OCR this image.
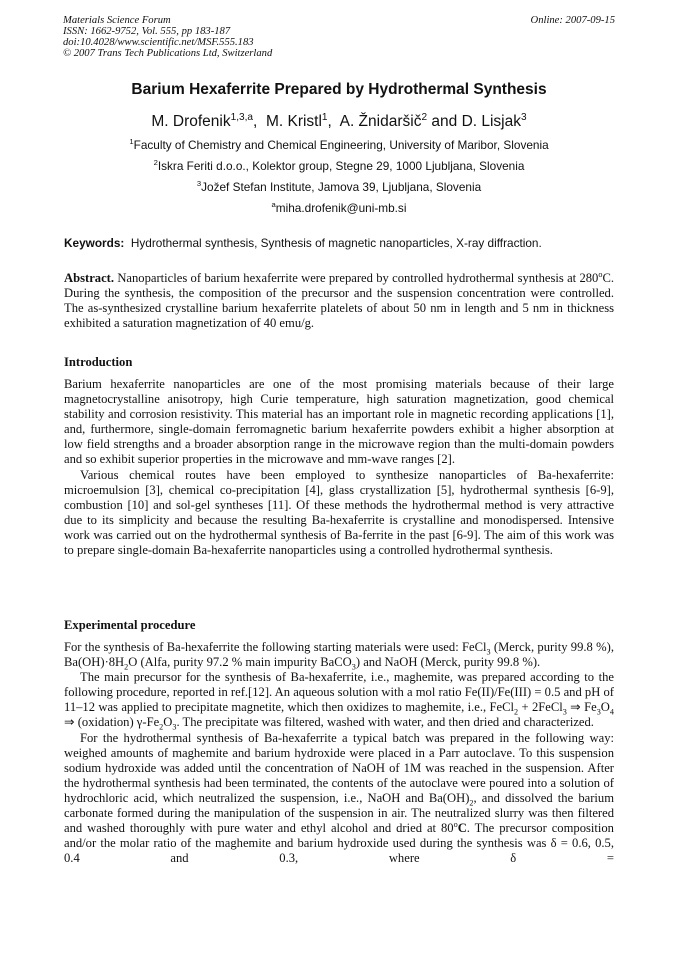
Materials Science Forum
ISSN: 1662-9752, Vol. 555, pp 183-187
doi:10.4028/www.scientific.net/MSF.555.183
© 2007 Trans Tech Publications Ltd, Switzerland
Online: 2007-09-15
Barium Hexaferrite Prepared by Hydrothermal Synthesis
M. Drofenik$^{1,3,a}$, M. Kristl$^1$, A. Žnidaršič$^2$ and D. Lisjak$^3$
$^1$Faculty of Chemistry and Chemical Engineering, University of Maribor, Slovenia
$^2$Iskra Feriti d.o.o., Kolektor group, Stegne 29, 1000 Ljubljana, Slovenia
$^3$Jožef Stefan Institute, Jamova 39, Ljubljana, Slovenia
$^a$miha.drofenik@uni-mb.si
Keywords: Hydrothermal synthesis, Synthesis of magnetic nanoparticles, X-ray diffraction.

Abstract. Nanoparticles of barium hexaferrite were prepared by controlled hydrothermal synthesis at 280$^o$C. During the synthesis, the composition of the precursor and the suspension concentration were controlled. The as-synthesized crystalline barium hexaferrite platelets of about 50 nm in length and 5 nm in thickness exhibited a saturation magnetization of 40 emu/g.

Introduction

Barium hexaferrite nanoparticles are one of the most promising materials because of their large magnetocrystalline anisotropy, high Curie temperature, high saturation magnetization, good chemical stability and corrosion resistivity. This material has an important role in magnetic recording applications [1], and, furthermore, single-domain ferromagnetic barium hexaferrite powders exhibit a higher absorption at low field strengths and a broader absorption range in the microwave region than the multi-domain powders and so exhibit superior properties in the microwave and mm-wave ranges [2].

Various chemical routes have been employed to synthesize nanoparticles of Ba-hexaferrite: microemulsion [3], chemical co-precipitation [4], glass crystallization [5], hydrothermal synthesis [6-9], combustion [10] and sol-gel syntheses [11]. Of these methods the hydrothermal method is very attractive due to its simplicity and because the resulting Ba-hexaferrite is crystalline and monodispersed. Intensive work was carried out on the hydrothermal synthesis of Ba-ferrite in the past [6-9]. The aim of this work was to prepare single-domain Ba-hexaferrite nanoparticles using a controlled hydrothermal synthesis.

Experimental procedure

For the synthesis of Ba-hexaferrite the following starting materials were used: FeCl$_3$ (Merck, purity 99.8 %), $Ba(OH)\cdot 8H_2O$ (Alfa, purity 97.2 % main impurity BaCO$_3$) and NaOH (Merck, purity 99.8 %).

The main precursor for the synthesis of Ba-hexaferrite, i.e., maghemite, was prepared according to the following procedure, reported in ref.[12]. An aqueous solution with a mol ratio Fe(II)/Fe(III) = 0.5 and pH of 11–12 was applied to precipitate magnetite, which then oxidizes to maghemite, i.e., FeCl$_2$ + 2FeCl$_3$ ⇒ $Fe_3O_4$ ⇒ (oxidation) $\gamma-Fe_2O_3$. The precipitate was filtered, washed with water, and then dried and characterized.

For the hydrothermal synthesis of Ba-hexaferrite a typical batch was prepared in the following way: weighed amounts of maghemite and barium hydroxide were placed in a Parr autoclave. To this suspension sodium hydroxide was added until the concentration of NaOH of 1M was reached in the suspension. After the hydrothermal synthesis had been terminated, the contents of the autoclave were poured into a solution of hydrochloric acid, which neutralized the suspension, i.e., NaOH and $Ba(OH)_2$, and dissolved the barium carbonate formed during the manipulation of the suspension in air. The neutralized slurry was then filtered and washed thoroughly with pure water and ethyl alcohol and dried at 80$^o$C. The precursor composition and/or the molar ratio of the maghemite and barium hydroxide used during the synthesis was δ = 0.6, 0.5, 0.4 and 0.3, where δ =
